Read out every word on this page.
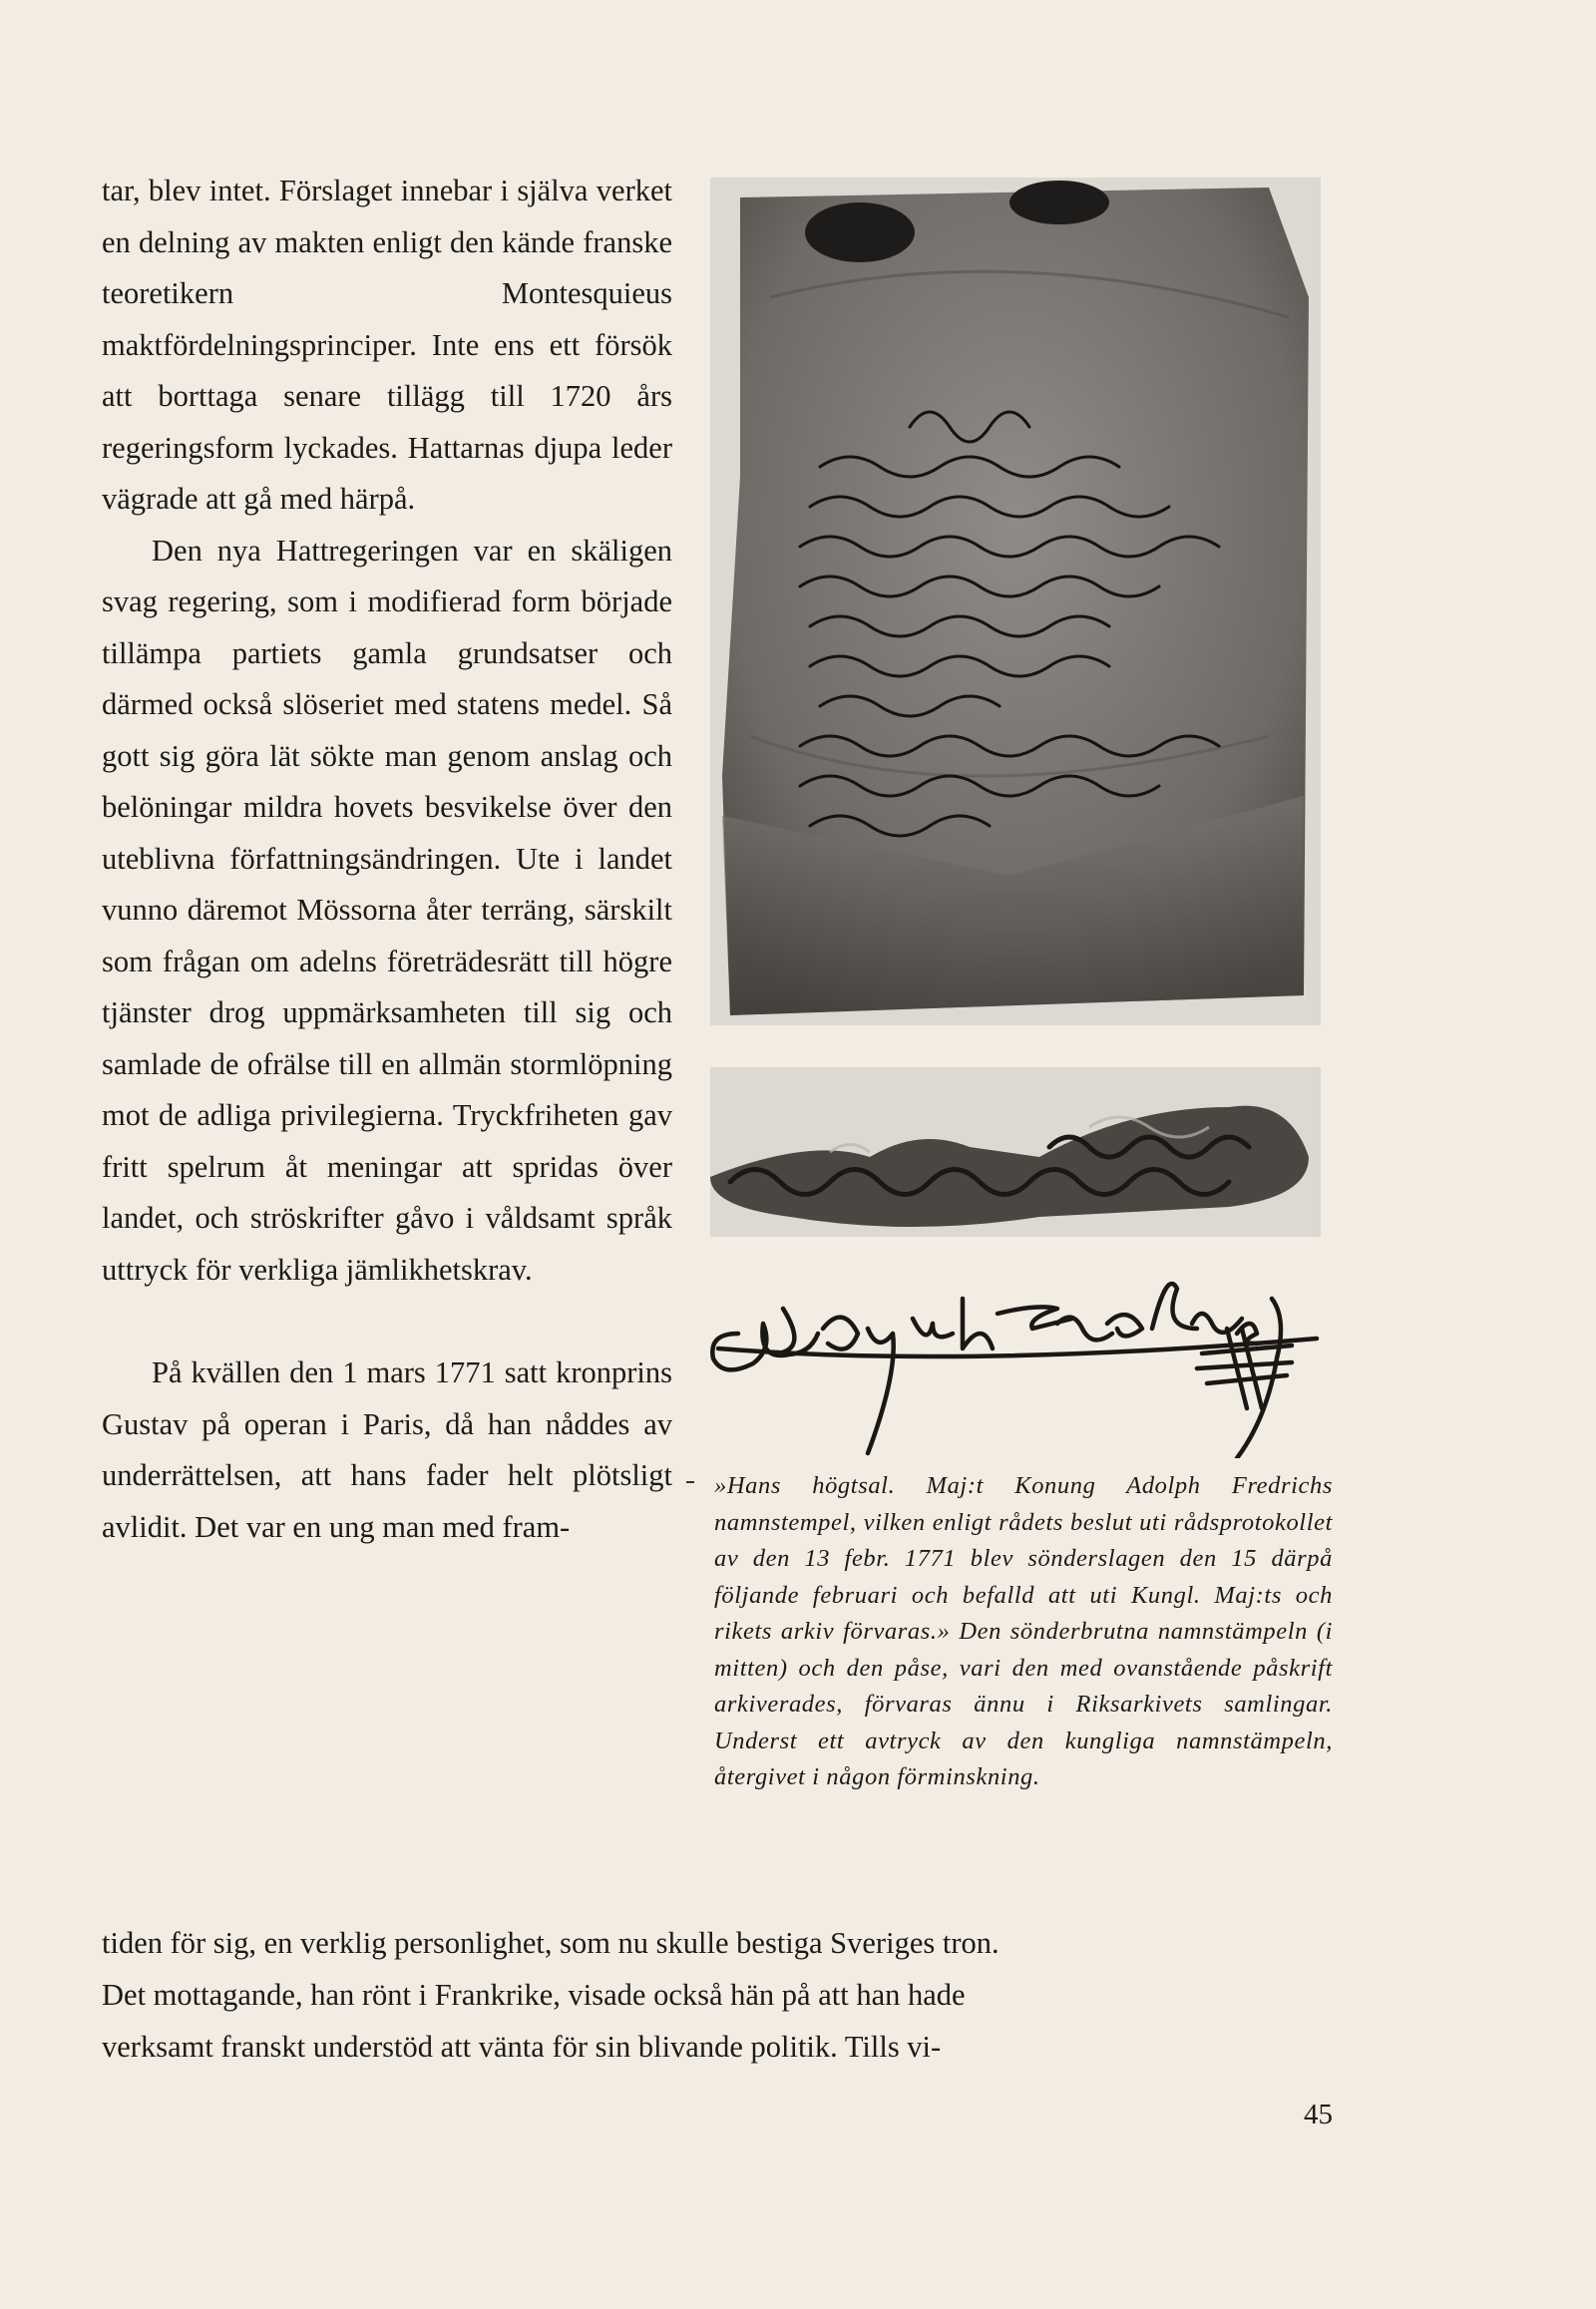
tar, blev intet. Förslaget innebar i själva verket en delning av makten enligt den kände franske teoretikern Montesquieus maktfördelningsprinciper. Inte ens ett försök att borttaga senare tillägg till 1720 års regeringsform lyckades. Hattarnas djupa leder vägrade att gå med härpå.

Den nya Hattregeringen var en skäligen svag regering, som i modifierad form började tillämpa partiets gamla grundsatser och därmed också slöseriet med statens medel. Så gott sig göra lät sökte man genom anslag och belöningar mildra hovets besvikelse över den uteblivna författningsändringen. Ute i landet vunno däremot Mössorna åter terräng, särskilt som frågan om adelns företrädesrätt till högre tjänster drog uppmärksamheten till sig och samlade de ofrälse till en allmän stormlöpning mot de adliga privilegierna. Tryckfriheten gav fritt spelrum åt meningar att spridas över landet, och ströskrifter gåvo i våldsamt språk uttryck för verkliga jämlikhetskrav.

På kvällen den 1 mars 1771 satt kronprins Gustav på operan i Paris, då han nåddes av underrättelsen, att hans fader helt plötsligt avlidit. Det var en ung man med fram-

»Hans högtsal. Maj:t Konung Adolph Fredrichs namnstempel, vilken enligt rådets beslut uti rådsprotokollet av den 13 febr. 1771 blev sönderslagen den 15 därpå följande februari och befalld att uti Kungl. Maj:ts och rikets arkiv förvaras.» Den sönderbrutna namnstämpeln (i mitten) och den påse, vari den med ovanstående påskrift arkiverades, förvaras ännu i Riksarkivets samlingar. Underst ett avtryck av den kungliga namnstämpeln, återgivet i någon förminskning.

tiden för sig, en verklig personlighet, som nu skulle bestiga Sveriges tron.

Det mottagande, han rönt i Frankrike, visade också hän på att han hade

verksamt franskt understöd att vänta för sin blivande politik. Tills vi-

45
